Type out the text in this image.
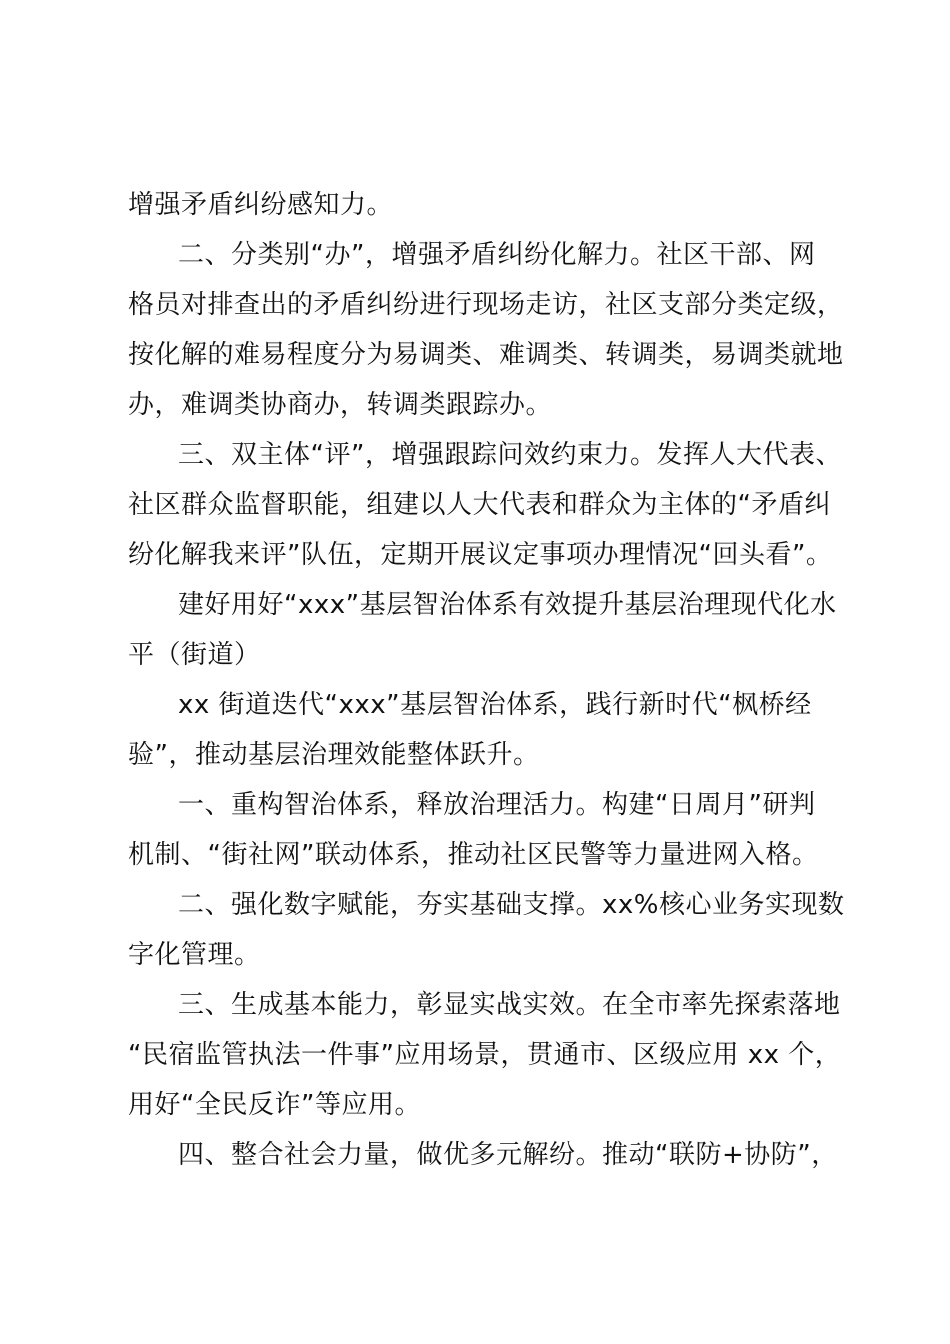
增强矛盾纠纷感知力。
二、分类别“办”，增强矛盾纠纷化解力。社区干部、网
格员对排查出的矛盾纠纷进行现场走访，社区支部分类定级，
按化解的难易程度分为易调类、难调类、转调类，易调类就地
办，难调类协商办，转调类跟踪办。
三、双主体“评”，增强跟踪问效约束力。发挥人大代表、
社区群众监督职能，组建以人大代表和群众为主体的“矛盾纠
纷化解我来评”队伍，定期开展议定事项办理情况“回头看”。
建好用好“xxx”基层智治体系有效提升基层治理现代化水
平（街道）
xx 街道迭代“xxx”基层智治体系，践行新时代“枫桥经
验”，推动基层治理效能整体跃升。
一、重构智治体系，释放治理活力。构建“日周月”研判
机制、“街社网”联动体系，推动社区民警等力量进网入格。
二、强化数字赋能，夯实基础支撑。xx%核心业务实现数
字化管理。
三、生成基本能力，彰显实战实效。在全市率先探索落地
“民宿监管执法一件事”应用场景，贯通市、区级应用 xx 个，
用好“全民反诈”等应用。
四、整合社会力量，做优多元解纷。推动“联防+协防”，
